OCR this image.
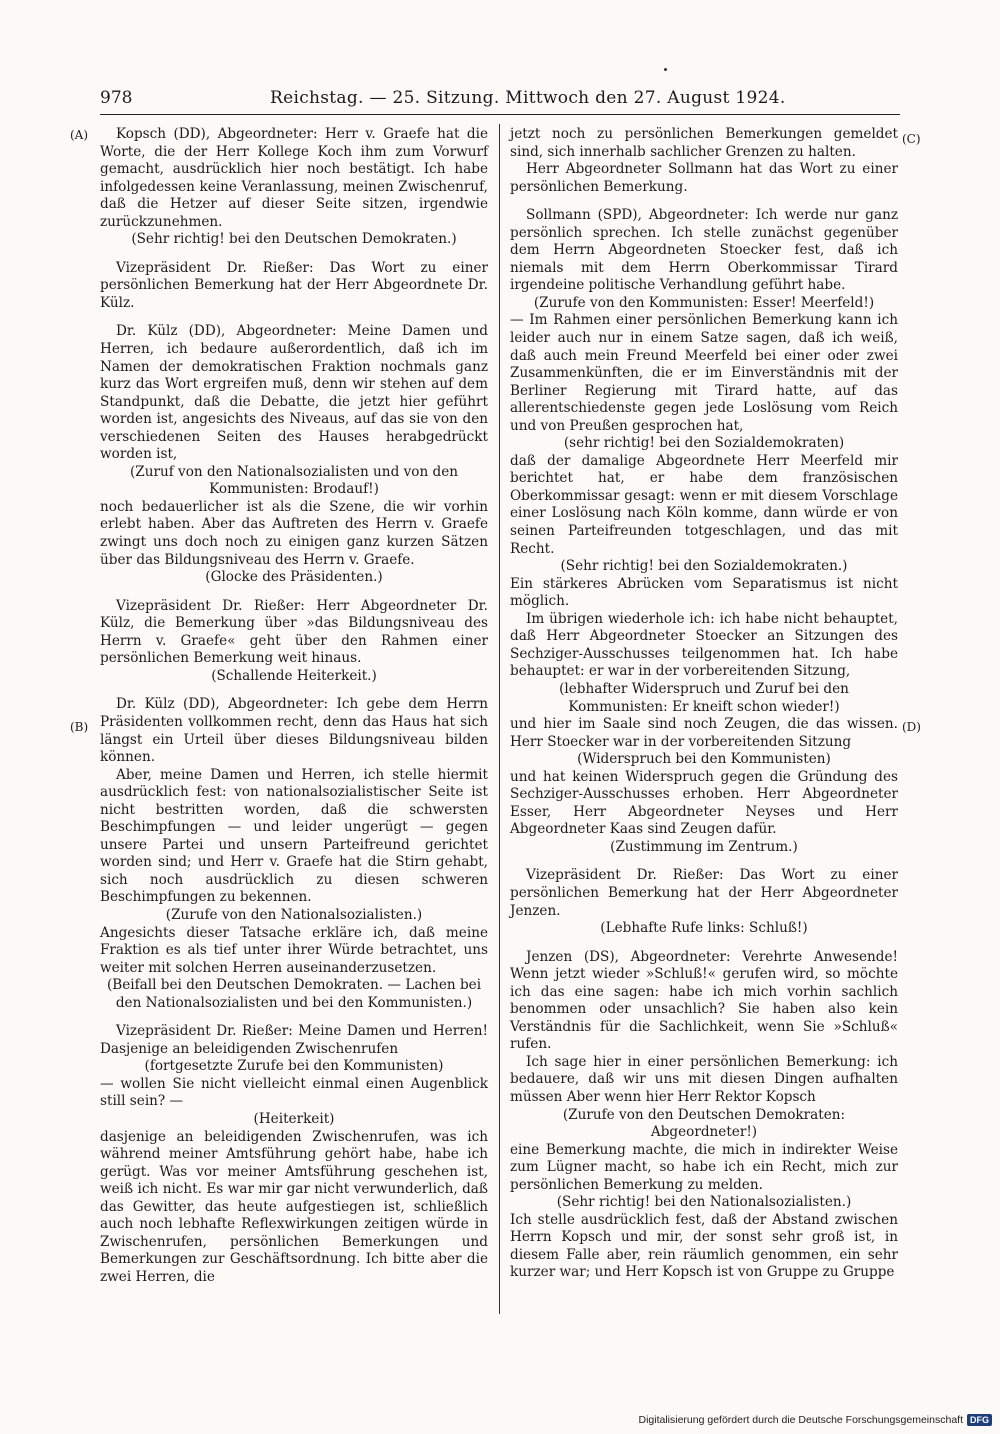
978	Reichstag. — 25. Sitzung. Mittwoch den 27. August 1924.
(A)
(B)
(C)
(D)

Kopsch (DD), Abgeordneter: Herr v. Graefe hat die Worte, die der Herr Kollege Koch ihm zum Vorwurf gemacht, ausdrücklich hier noch bestätigt. Ich habe infolgedessen keine Veranlassung, meinen Zwischenruf, daß die Hetzer auf dieser Seite sitzen, irgendwie zurückzunehmen.

(Sehr richtig! bei den Deutschen Demokraten.)

Vizepräsident Dr. Rießer: Das Wort zu einer persönlichen Bemerkung hat der Herr Abgeordnete Dr. Külz.

Dr. Külz (DD), Abgeordneter: Meine Damen und Herren, ich bedaure außerordentlich, daß ich im Namen der demokratischen Fraktion nochmals ganz kurz das Wort ergreifen muß, denn wir stehen auf dem Standpunkt, daß die Debatte, die jetzt hier geführt worden ist, angesichts des Niveaus, auf das sie von den verschiedenen Seiten des Hauses herabgedrückt worden ist,

(Zuruf von den Nationalsozialisten und von den Kommunisten: Brodauf!)

noch bedauerlicher ist als die Szene, die wir vorhin erlebt haben. Aber das Auftreten des Herrn v. Graefe zwingt uns doch noch zu einigen ganz kurzen Sätzen über das Bildungsniveau des Herrn v. Graefe.

(Glocke des Präsidenten.)

Vizepräsident Dr. Rießer: Herr Abgeordneter Dr. Külz, die Bemerkung über »das Bildungsniveau des Herrn v. Graefe« geht über den Rahmen einer persönlichen Bemerkung weit hinaus.

(Schallende Heiterkeit.)

Dr. Külz (DD), Abgeordneter: Ich gebe dem Herrn Präsidenten vollkommen recht, denn das Haus hat sich längst ein Urteil über dieses Bildungsniveau bilden können.

Aber, meine Damen und Herren, ich stelle hiermit ausdrücklich fest: von nationalsozialistischer Seite ist nicht bestritten worden, daß die schwersten Beschimpfungen — und leider ungerügt — gegen unsere Partei und unsern Parteifreund gerichtet worden sind; und Herr v. Graefe hat die Stirn gehabt, sich noch ausdrücklich zu diesen schweren Beschimpfungen zu bekennen.

(Zurufe von den Nationalsozialisten.)

Angesichts dieser Tatsache erkläre ich, daß meine Fraktion es als tief unter ihrer Würde betrachtet, uns weiter mit solchen Herren auseinanderzusetzen.

(Beifall bei den Deutschen Demokraten. — Lachen bei den Nationalsozialisten und bei den Kommunisten.)

Vizepräsident Dr. Rießer: Meine Damen und Herren! Dasjenige an beleidigenden Zwischenrufen

(fortgesetzte Zurufe bei den Kommunisten)

— wollen Sie nicht vielleicht einmal einen Augenblick still sein? —

(Heiterkeit)

dasjenige an beleidigenden Zwischenrufen, was ich während meiner Amtsführung gehört habe, habe ich gerügt. Was vor meiner Amtsführung geschehen ist, weiß ich nicht. Es war mir gar nicht verwunderlich, daß das Gewitter, das heute aufgestiegen ist, schließlich auch noch lebhafte Reflexwirkungen zeitigen würde in Zwischenrufen, persönlichen Bemerkungen und Bemerkungen zur Geschäftsordnung. Ich bitte aber die zwei Herren, die

jetzt noch zu persönlichen Bemerkungen gemeldet sind, sich innerhalb sachlicher Grenzen zu halten.

Herr Abgeordneter Sollmann hat das Wort zu einer persönlichen Bemerkung.

Sollmann (SPD), Abgeordneter: Ich werde nur ganz persönlich sprechen. Ich stelle zunächst gegenüber dem Herrn Abgeordneten Stoecker fest, daß ich niemals mit dem Herrn Oberkommissar Tirard irgendeine politische Verhandlung geführt habe.

(Zurufe von den Kommunisten: Esser! Meerfeld!)

— Im Rahmen einer persönlichen Bemerkung kann ich leider auch nur in einem Satze sagen, daß ich weiß, daß auch mein Freund Meerfeld bei einer oder zwei Zusammenkünften, die er im Einverständnis mit der Berliner Regierung mit Tirard hatte, auf das allerentschiedenste gegen jede Loslösung vom Reich und von Preußen gesprochen hat,

(sehr richtig! bei den Sozialdemokraten)

daß der damalige Abgeordnete Herr Meerfeld mir berichtet hat, er habe dem französischen Oberkommissar gesagt: wenn er mit diesem Vorschlage einer Loslösung nach Köln komme, dann würde er von seinen Parteifreunden totgeschlagen, und das mit Recht.

(Sehr richtig! bei den Sozialdemokraten.)

Ein stärkeres Abrücken vom Separatismus ist nicht möglich.

Im übrigen wiederhole ich: ich habe nicht behauptet, daß Herr Abgeordneter Stoecker an Sitzungen des Sechziger-Ausschusses teilgenommen hat. Ich habe behauptet: er war in der vorbereitenden Sitzung,

(lebhafter Widerspruch und Zuruf bei den Kommunisten: Er kneift schon wieder!)

und hier im Saale sind noch Zeugen, die das wissen. Herr Stoecker war in der vorbereitenden Sitzung

(Widerspruch bei den Kommunisten)

und hat keinen Widerspruch gegen die Gründung des Sechziger-Ausschusses erhoben. Herr Abgeordneter Esser, Herr Abgeordneter Neyses und Herr Abgeordneter Kaas sind Zeugen dafür.

(Zustimmung im Zentrum.)

Vizepräsident Dr. Rießer: Das Wort zu einer persönlichen Bemerkung hat der Herr Abgeordneter Jenzen.

(Lebhafte Rufe links: Schluß!)

Jenzen (DS), Abgeordneter: Verehrte Anwesende! Wenn jetzt wieder »Schluß!« gerufen wird, so möchte ich das eine sagen: habe ich mich vorhin sachlich benommen oder unsachlich? Sie haben also kein Verständnis für die Sachlichkeit, wenn Sie »Schluß« rufen.

Ich sage hier in einer persönlichen Bemerkung: ich bedauere, daß wir uns mit diesen Dingen aufhalten müssen Aber wenn hier Herr Rektor Kopsch

(Zurufe von den Deutschen Demokraten: Abgeordneter!)

eine Bemerkung machte, die mich in indirekter Weise zum Lügner macht, so habe ich ein Recht, mich zur persönlichen Bemerkung zu melden.

(Sehr richtig! bei den Nationalsozialisten.)

Ich stelle ausdrücklich fest, daß der Abstand zwischen Herrn Kopsch und mir, der sonst sehr groß ist, in diesem Falle aber, rein räumlich genommen, ein sehr kurzer war; und Herr Kopsch ist von Gruppe zu Gruppe

Digitalisierung gefördert durch die Deutsche Forschungsgemeinschaft DFG
